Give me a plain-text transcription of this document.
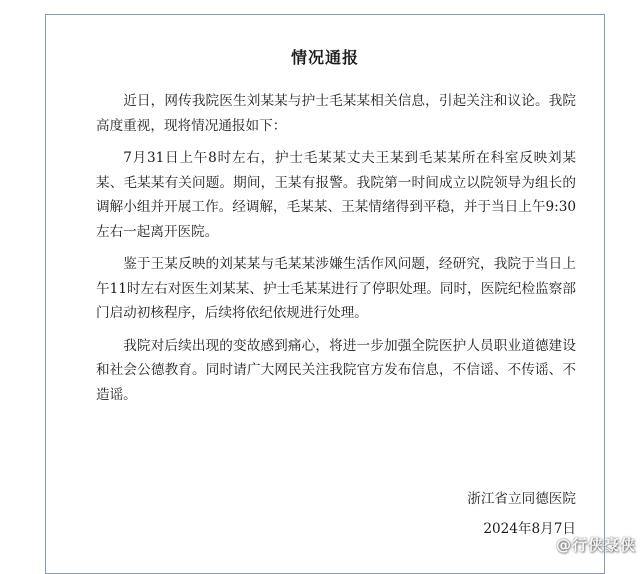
情况通报

近日，网传我院医生刘某某与护士毛某某相关信息，引起关注和议论。我院高度重视，现将情况通报如下：

7月31日上午8时左右，护士毛某某丈夫王某到毛某某所在科室反映刘某某、毛某某有关问题。期间，王某有报警。我院第一时间成立以院领导为组长的调解小组并开展工作。经调解，毛某某、王某情绪得到平稳，并于当日上午9:30左右一起离开医院。

鉴于王某反映的刘某某与毛某某涉嫌生活作风问题，经研究，我院于当日上午11时左右对医生刘某某、护士毛某某进行了停职处理。同时，医院纪检监察部门启动初核程序，后续将依纪依规进行处理。

我院对后续出现的变故感到痛心，将进一步加强全院医护人员职业道德建设和社会公德教育。同时请广大网民关注我院官方发布信息，不信谣、不传谣、不造谣。

浙江省立同德医院
2024年8月7日
@行侠豪侠
